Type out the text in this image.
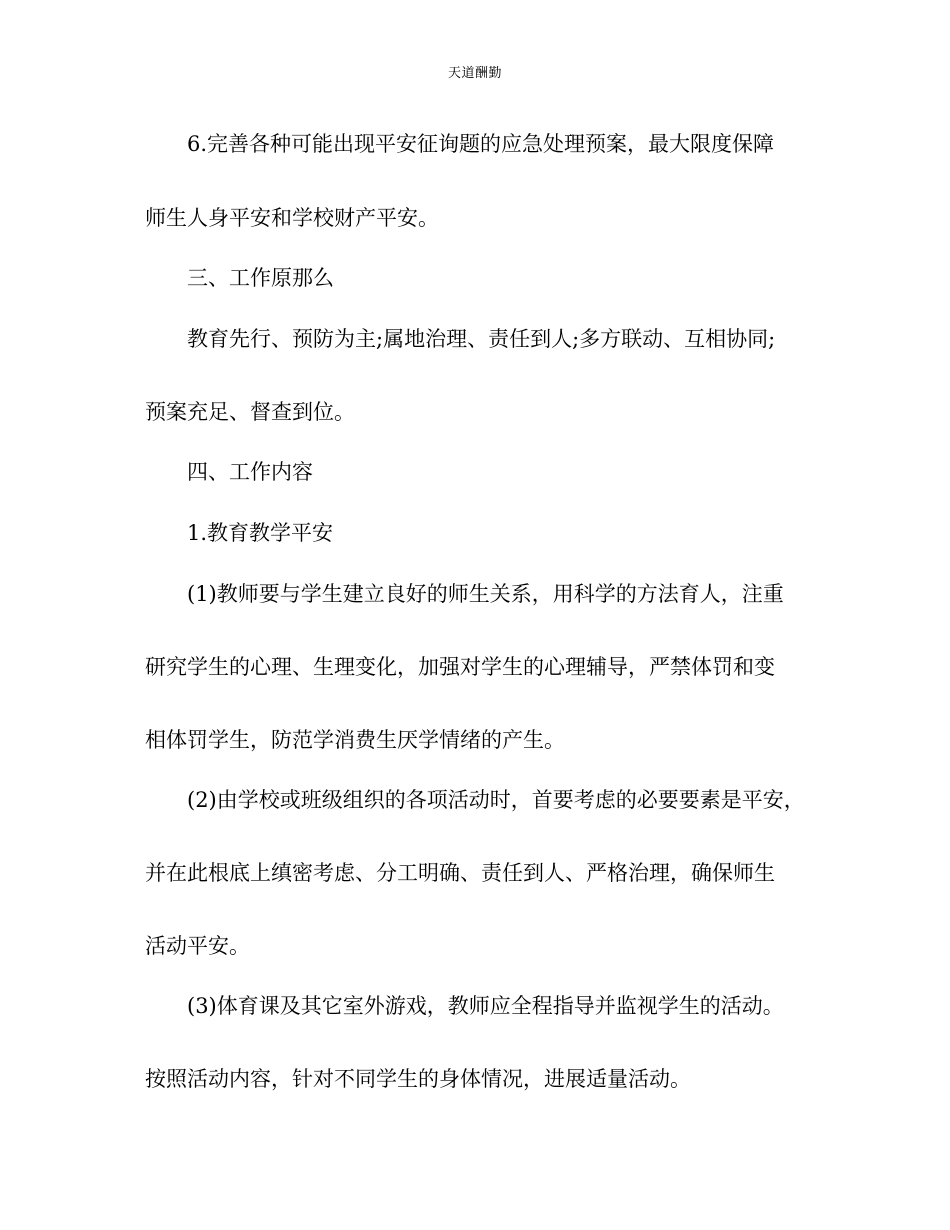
天道酬勤
6.完善各种可能出现平安征询题的应急处理预案，最大限度保障
师生人身平安和学校财产平安。
三、工作原那么
教育先行、预防为主;属地治理、责任到人;多方联动、互相协同;
预案充足、督查到位。
四、工作内容
1.教育教学平安
(1)教师要与学生建立良好的师生关系，用科学的方法育人，注重
研究学生的心理、生理变化，加强对学生的心理辅导，严禁体罚和变
相体罚学生，防范学消费生厌学情绪的产生。
(2)由学校或班级组织的各项活动时，首要考虑的必要要素是平安，
并在此根底上缜密考虑、分工明确、责任到人、严格治理，确保师生
活动平安。
(3)体育课及其它室外游戏，教师应全程指导并监视学生的活动。
按照活动内容，针对不同学生的身体情况，进展适量活动。
